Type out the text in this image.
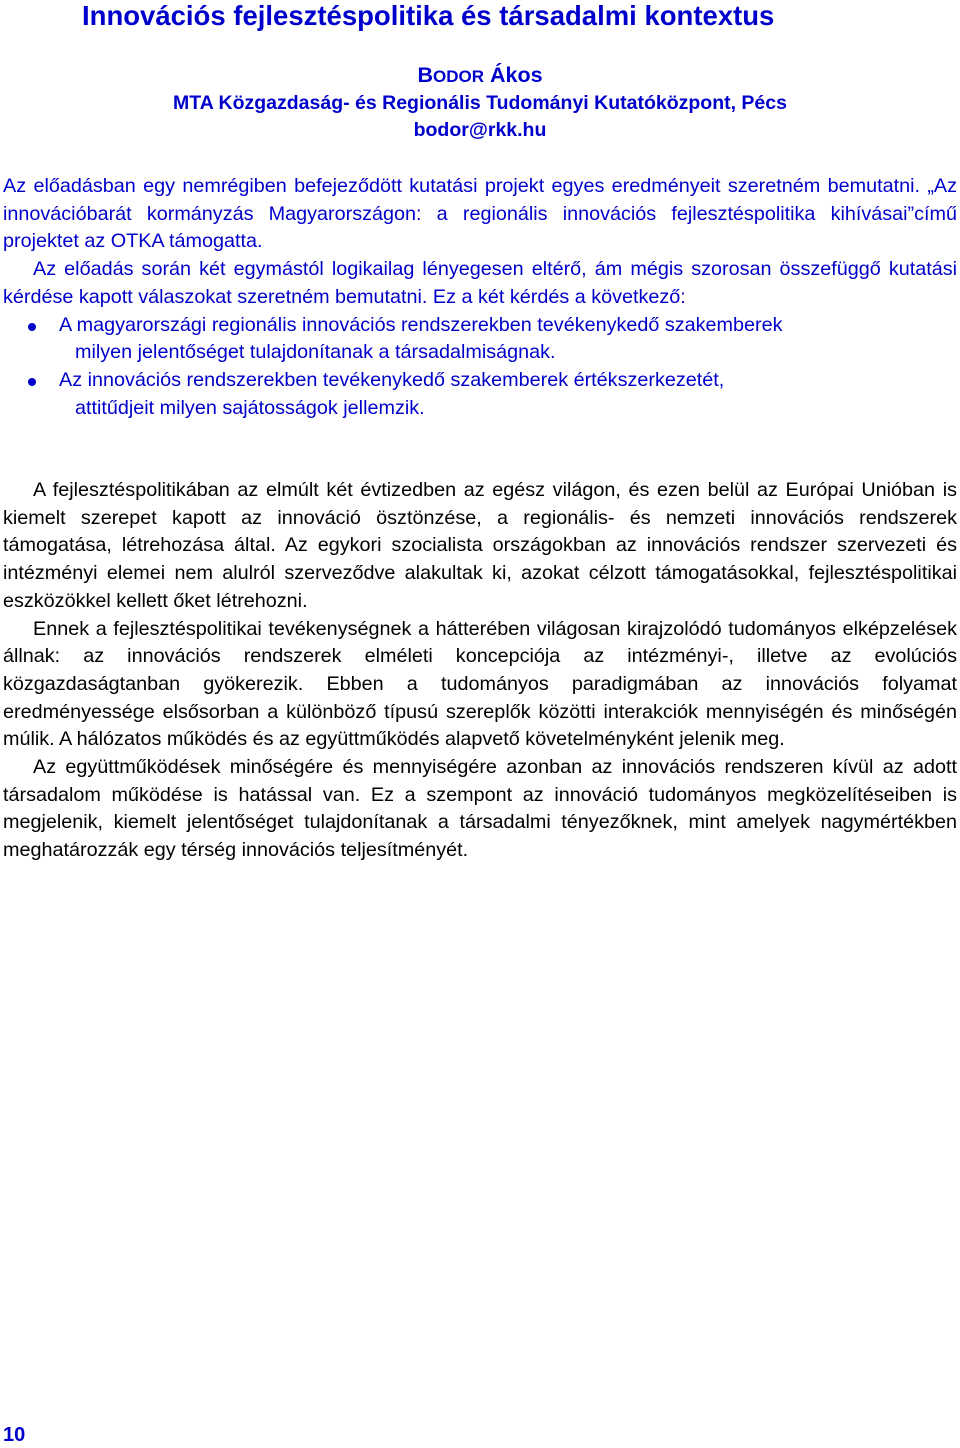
Innovációs fejlesztéspolitika és társadalmi kontextus
BODOR Ákos
MTA Közgazdaság- és Regionális Tudományi Kutatóközpont, Pécs
bodor@rkk.hu

Az előadásban egy nemrégiben befejeződött kutatási projekt egyes eredményeit szeretném bemutatni. „Az innovációbarát kormányzás Magyarországon: a regionális innovációs fejlesztéspolitika kihívásai”című projektet az OTKA támogatta.

Az előadás során két egymástól logikailag lényegesen eltérő, ám mégis szorosan összefüggő kutatási kérdése kapott válaszokat szeretném bemutatni. Ez a két kérdés a következő:

A magyarországi regionális innovációs rendszerekben tevékenykedő szakemberek
milyen jelentőséget tulajdonítanak a társadalmiságnak.
Az innovációs rendszerekben tevékenykedő szakemberek értékszerkezetét,
attitűdjeit milyen sajátosságok jellemzik.

A fejlesztéspolitikában az elmúlt két évtizedben az egész világon, és ezen belül az Európai Unióban is kiemelt szerepet kapott az innováció ösztönzése, a regionális- és nemzeti innovációs rendszerek támogatása, létrehozása által. Az egykori szocialista országokban az innovációs rendszer szervezeti és intézményi elemei nem alulról szerveződve alakultak ki, azokat célzott támogatásokkal, fejlesztéspolitikai eszközökkel kellett őket létrehozni.

Ennek a fejlesztéspolitikai tevékenységnek a hátterében világosan kirajzolódó tudományos elképzelések állnak: az innovációs rendszerek elméleti koncepciója az intézményi-, illetve az evolúciós közgazdaságtanban gyökerezik. Ebben a tudományos paradigmában az innovációs folyamat eredményessége elsősorban a különböző típusú szereplők közötti interakciók mennyiségén és minőségén múlik. A hálózatos működés és az együttműködés alapvető követelményként jelenik meg.

Az együttműködések minőségére és mennyiségére azonban az innovációs rendszeren kívül az adott társadalom működése is hatással van. Ez a szempont az innováció tudományos megközelítéseiben is megjelenik, kiemelt jelentőséget tulajdonítanak a társadalmi tényezőknek, mint amelyek nagymértékben meghatározzák egy térség innovációs teljesítményét.

10
